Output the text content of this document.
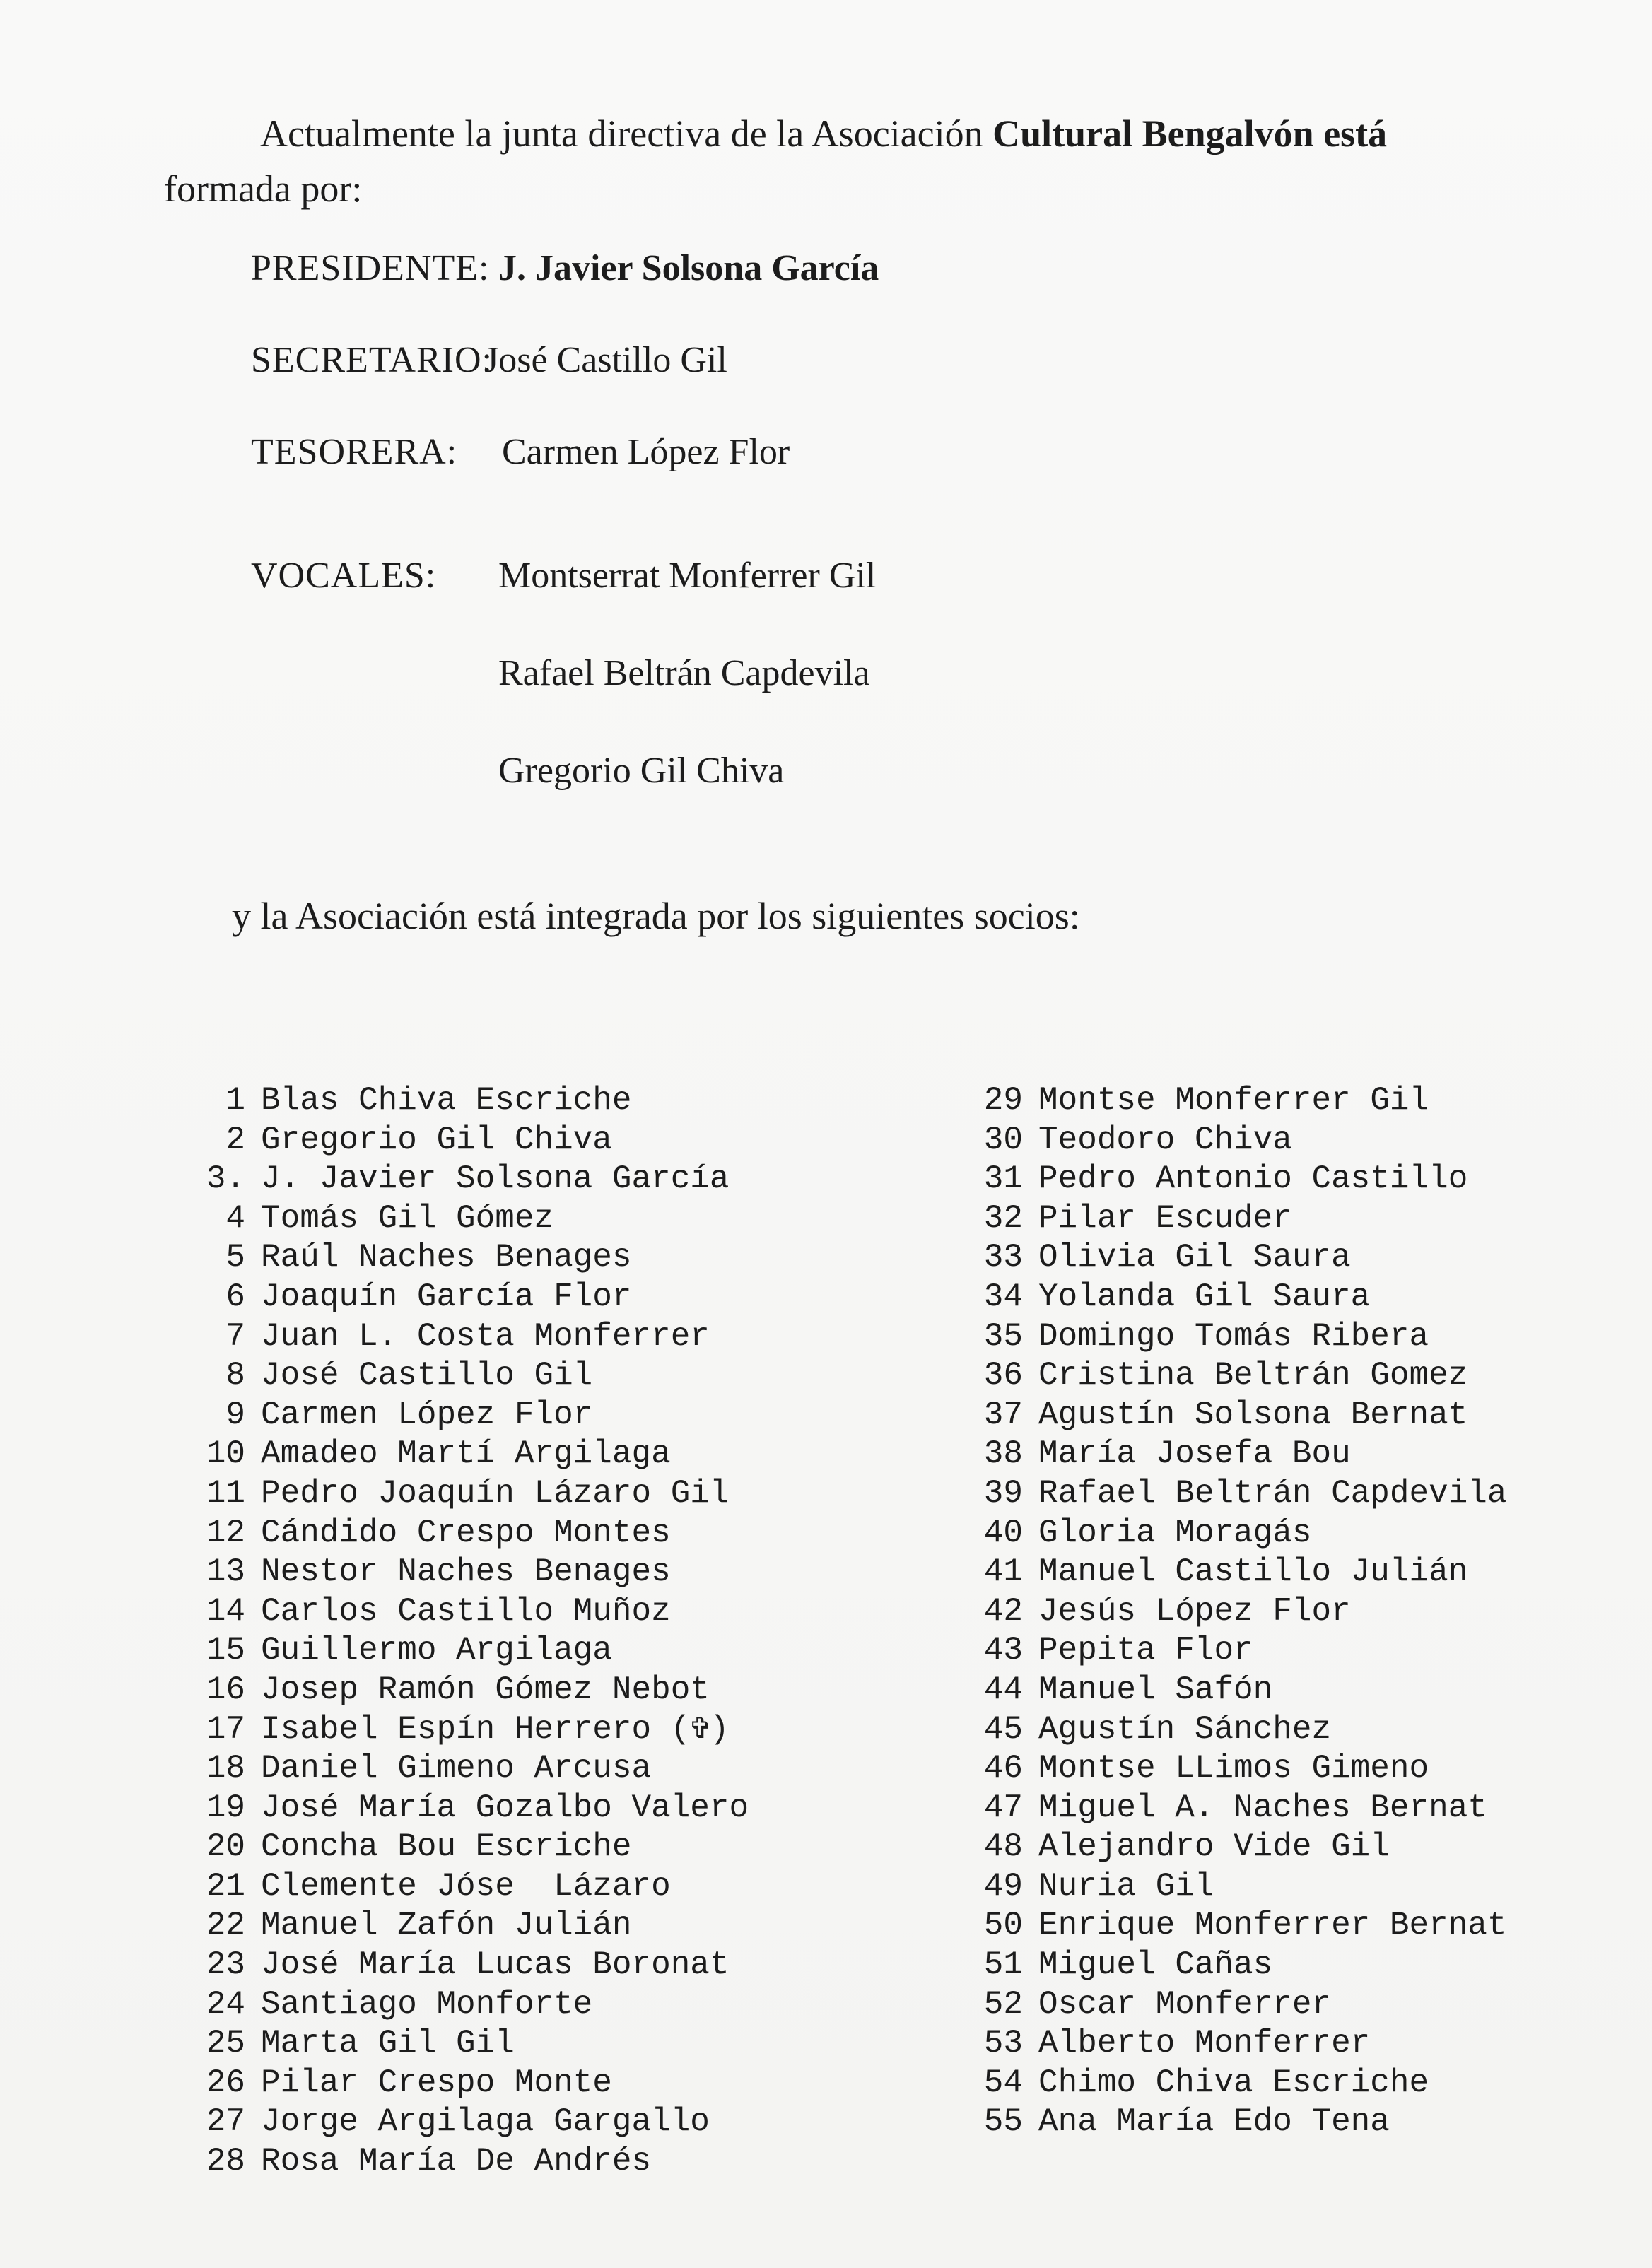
Actualmente la junta directiva de la Asociación Cultural Bengalvón está
formada por:
PRESIDENTE: J. Javier Solsona García
SECRETARIO:
José Castillo Gil
TESORERA: Carmen López Flor
VOCALES: Montserrat Monferrer Gil
Rafael Beltrán Capdevila
Gregorio Gil Chiva
y la Asociación está integrada por los siguientes socios:
1 Blas Chiva Escriche
2 Gregorio Gil Chiva
3. J. Javier Solsona García
4 Tomás Gil Gómez
5 Raúl Naches Benages
6 Joaquín García Flor
7 Juan L. Costa Monferrer
8 José Castillo Gil
9 Carmen López Flor
10 Amadeo Martí Argilaga
11 Pedro Joaquín Lázaro Gil
12 Cándido Crespo Montes
13 Nestor Naches Benages
14 Carlos Castillo Muñoz
15 Guillermo Argilaga
16 Josep Ramón Gómez Nebot
17 Isabel Espín Herrero (✞)
18 Daniel Gimeno Arcusa
19 José María Gozalbo Valero
20 Concha Bou Escriche
21 Clemente Jóse  Lázaro
22 Manuel Zafón Julián
23 José María Lucas Boronat
24 Santiago Monforte
25 Marta Gil Gil
26 Pilar Crespo Monte
27 Jorge Argilaga Gargallo
28 Rosa María De Andrés
29 Montse Monferrer Gil
30 Teodoro Chiva
31 Pedro Antonio Castillo
32 Pilar Escuder
33 Olivia Gil Saura
34 Yolanda Gil Saura
35 Domingo Tomás Ribera
36 Cristina Beltrán Gomez
37 Agustín Solsona Bernat
38 María Josefa Bou
39 Rafael Beltrán Capdevila
40 Gloria Moragás
41 Manuel Castillo Julián
42 Jesús López Flor
43 Pepita Flor
44 Manuel Safón
45 Agustín Sánchez
46 Montse LLimos Gimeno
47 Miguel A. Naches Bernat
48 Alejandro Vide Gil
49 Nuria Gil
50 Enrique Monferrer Bernat
51 Miguel Cañas
52 Oscar Monferrer
53 Alberto Monferrer
54 Chimo Chiva Escriche
55 Ana María Edo Tena
